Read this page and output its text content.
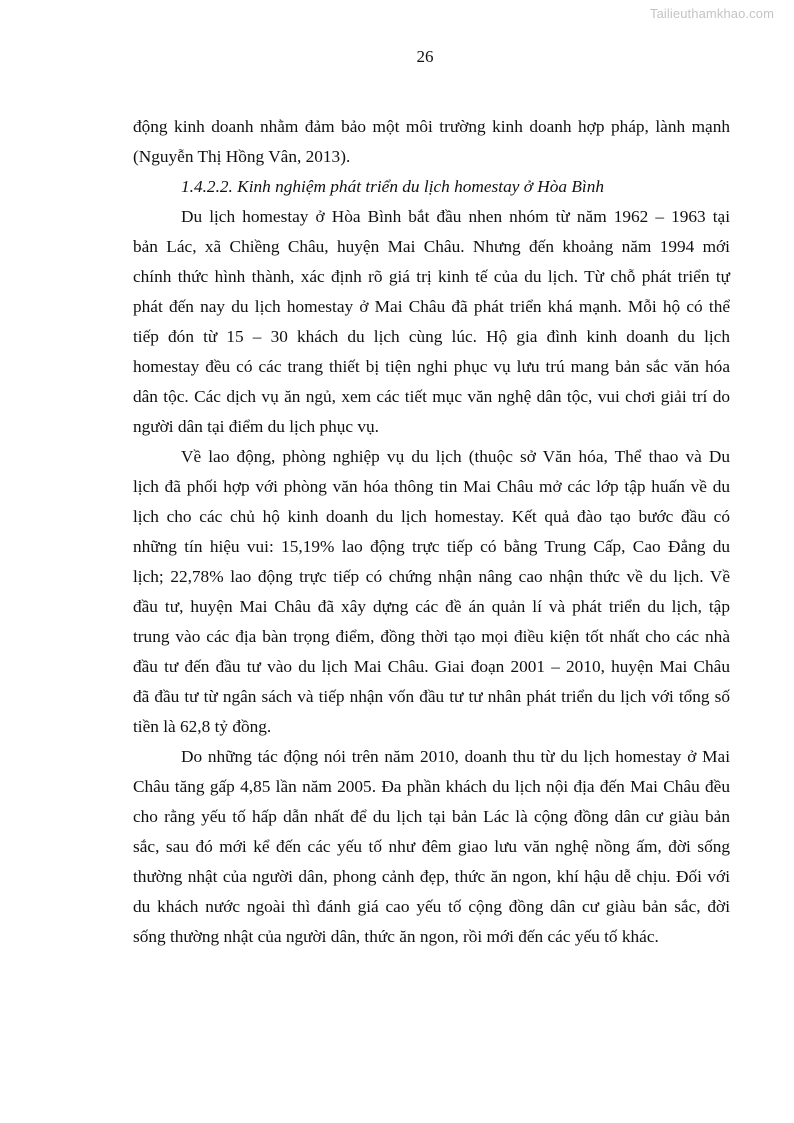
Tailieuthamkhao.com
26
động kinh doanh nhằm đảm bảo một môi trường kinh doanh hợp pháp, lành mạnh
(Nguyễn Thị Hồng Vân, 2013).
1.4.2.2. Kinh nghiệm phát triển du lịch homestay ở Hòa Bình
Du lịch homestay ở Hòa Bình bắt đầu nhen nhóm từ năm 1962 – 1963 tại
bản Lác, xã Chiềng Châu, huyện Mai Châu. Nhưng đến khoảng năm 1994 mới
chính thức hình thành, xác định rõ giá trị kinh tế của du lịch. Từ chỗ phát triển tự
phát đến nay du lịch homestay ở Mai Châu đã phát triển khá mạnh. Mỗi hộ có thể
tiếp đón từ 15 – 30 khách du lịch cùng lúc. Hộ gia đình kinh doanh du lịch
homestay đều có các trang thiết bị tiện nghi phục vụ lưu trú mang bản sắc văn hóa
dân tộc. Các dịch vụ ăn ngủ, xem các tiết mục văn nghệ dân tộc, vui chơi giải trí do
người dân tại điểm du lịch phục vụ.
Về lao động, phòng nghiệp vụ du lịch (thuộc sở Văn hóa, Thể thao và Du
lịch đã phối hợp với phòng văn hóa thông tin Mai Châu mở các lớp tập huấn về du
lịch cho các chủ hộ kinh doanh du lịch homestay. Kết quả đào tạo bước đầu có
những tín hiệu vui: 15,19% lao động trực tiếp có bằng Trung Cấp, Cao Đẳng du
lịch; 22,78% lao động trực tiếp có chứng nhận nâng cao nhận thức về du lịch. Về
đầu tư, huyện Mai Châu đã xây dựng các đề án quản lí và phát triển du lịch, tập
trung vào các địa bàn trọng điểm, đồng thời tạo mọi điều kiện tốt nhất cho các nhà
đầu tư đến đầu tư vào du lịch Mai Châu. Giai đoạn 2001 – 2010, huyện Mai Châu
đã đầu tư từ ngân sách và tiếp nhận vốn đầu tư tư nhân phát triển du lịch với tổng số
tiền là 62,8 tỷ đồng.
Do những tác động nói trên năm 2010, doanh thu từ du lịch homestay ở Mai
Châu tăng gấp 4,85 lần năm 2005. Đa phần khách du lịch nội địa đến Mai Châu đều
cho rằng yếu tố hấp dẫn nhất để du lịch tại bản Lác là cộng đồng dân cư giàu bản
sắc, sau đó mới kể đến các yếu tố như đêm giao lưu văn nghệ nồng ấm, đời sống
thường nhật của người dân, phong cảnh đẹp, thức ăn ngon, khí hậu dễ chịu. Đối với
du khách nước ngoài thì đánh giá cao yếu tố cộng đồng dân cư giàu bản sắc, đời
sống thường nhật của người dân, thức ăn ngon, rồi mới đến các yếu tố khác.
